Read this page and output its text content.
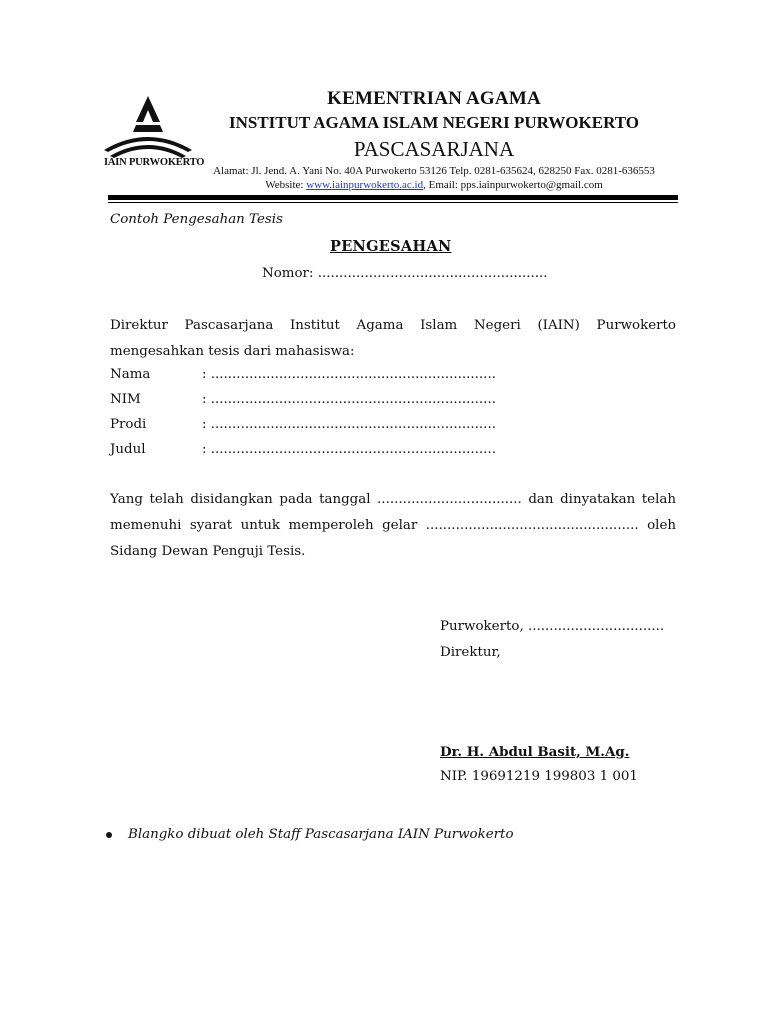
IAIN PURWOKERTO
KEMENTRIAN AGAMA
INSTITUT AGAMA ISLAM NEGERI PURWOKERTO
PASCASARJANA
Alamat: Jl. Jend. A. Yani No. 40A Purwokerto 53126 Telp. 0281-635624, 628250 Fax. 0281-636553
Website: www.iainpurwokerto.ac.id, Email: pps.iainpurwokerto@gmail.com
Contoh Pengesahan Tesis
PENGESAHAN
Nomor: ......................................................
Direktur Pascasarjana Institut Agama Islam Negeri (IAIN) Purwokerto mengesahkan tesis dari mahasiswa:
Nama	: ...................................................................
NIM	: ...................................................................
Prodi	: ...................................................................
Judul	: ...................................................................
Yang telah disidangkan pada tanggal .................................. dan dinyatakan telah memenuhi syarat untuk memperoleh gelar .................................................. oleh Sidang Dewan Penguji Tesis.
Purwokerto, ................................
Direktur,
Dr. H. Abdul Basit, M.Ag.
NIP. 19691219 199803 1 001
Blangko dibuat oleh Staff Pascasarjana IAIN Purwokerto
